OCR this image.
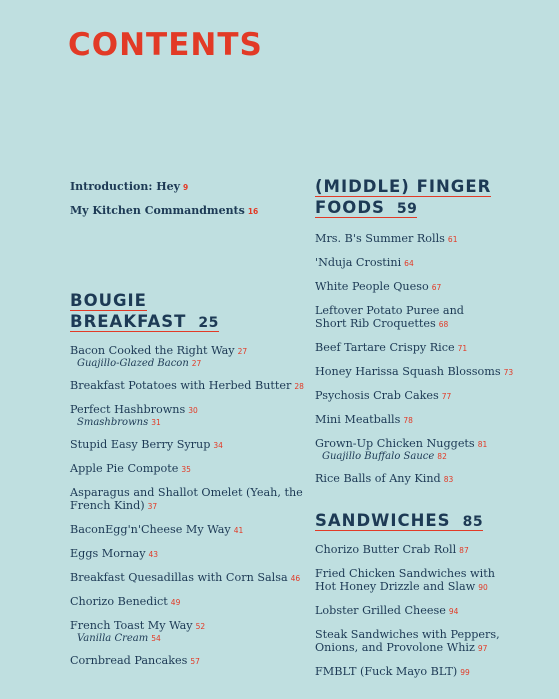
CONTENTS

Introduction: Hey 9

My Kitchen Commandments 16

BOUGIE
BREAKFAST 25

Bacon Cooked the Right Way 27

Guajillo-Glazed Bacon 27

Breakfast Potatoes with Herbed Butter 28

Perfect Hashbrowns 30

Smashbrowns 31

Stupid Easy Berry Syrup 34

Apple Pie Compote 35

Asparagus and Shallot Omelet (Yeah, the
French Kind) 37

BaconEgg'n'Cheese My Way 41

Eggs Mornay 43

Breakfast Quesadillas with Corn Salsa 46

Chorizo Benedict 49

French Toast My Way 52

Vanilla Cream 54

Cornbread Pancakes 57

(MIDDLE) FINGER
FOODS 59

Mrs. B's Summer Rolls 61

'Nduja Crostini 64

White People Queso 67

Leftover Potato Puree and
Short Rib Croquettes 68

Beef Tartare Crispy Rice 71

Honey Harissa Squash Blossoms 73

Psychosis Crab Cakes 77

Mini Meatballs 78

Grown-Up Chicken Nuggets 81

Guajillo Buffalo Sauce 82

Rice Balls of Any Kind 83

SANDWICHES 85

Chorizo Butter Crab Roll 87

Fried Chicken Sandwiches with
Hot Honey Drizzle and Slaw 90

Lobster Grilled Cheese 94

Steak Sandwiches with Peppers,
Onions, and Provolone Whiz 97

FMBLT (Fuck Mayo BLT) 99
